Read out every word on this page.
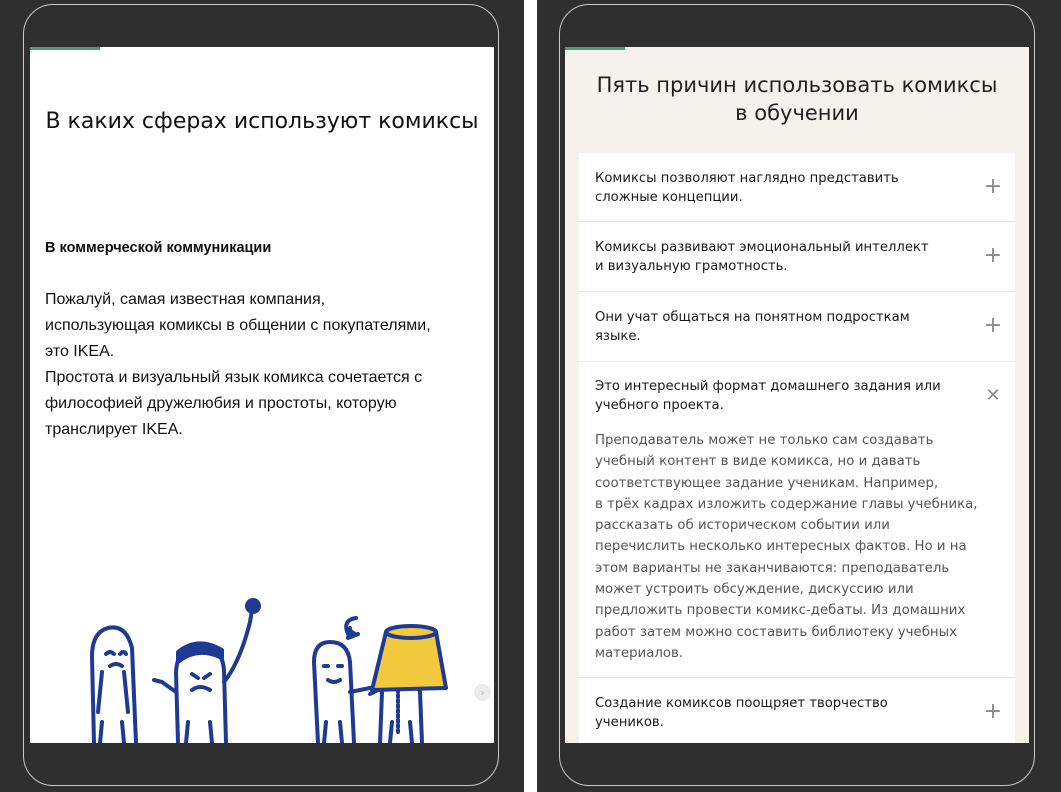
В каких сферах используют комиксы
В коммерческой коммуникации
Пожалуй, самая известная компания,
использующая комиксы в общении с покупателями,
это IKEA.
Простота и визуальный язык комикса сочетается с
философией дружелюбия и простоты, которую
транслирует IKEA.
›
Пять причин использовать комиксы
в обучении
Комиксы позволяют наглядно представить
сложные концепции.	+
Комиксы развивают эмоциональный интеллект
и визуальную грамотность.	+
Они учат общаться на понятном подросткам
языке.	+
Это интересный формат домашнего задания или
учебного проекта.	✕
Преподаватель может не только сам создавать
учебный контент в виде комикса, но и давать
соответствующее задание ученикам. Например,
в трёх кадрах изложить содержание главы учебника,
рассказать об историческом событии или
перечислить несколько интересных фактов. Но и на
этом варианты не заканчиваются: преподаватель
может устроить обсуждение, дискуссию или
предложить провести комикс-дебаты. Из домашних
работ затем можно составить библиотеку учебных
материалов.
Создание комиксов поощряет творчество
учеников.	+
